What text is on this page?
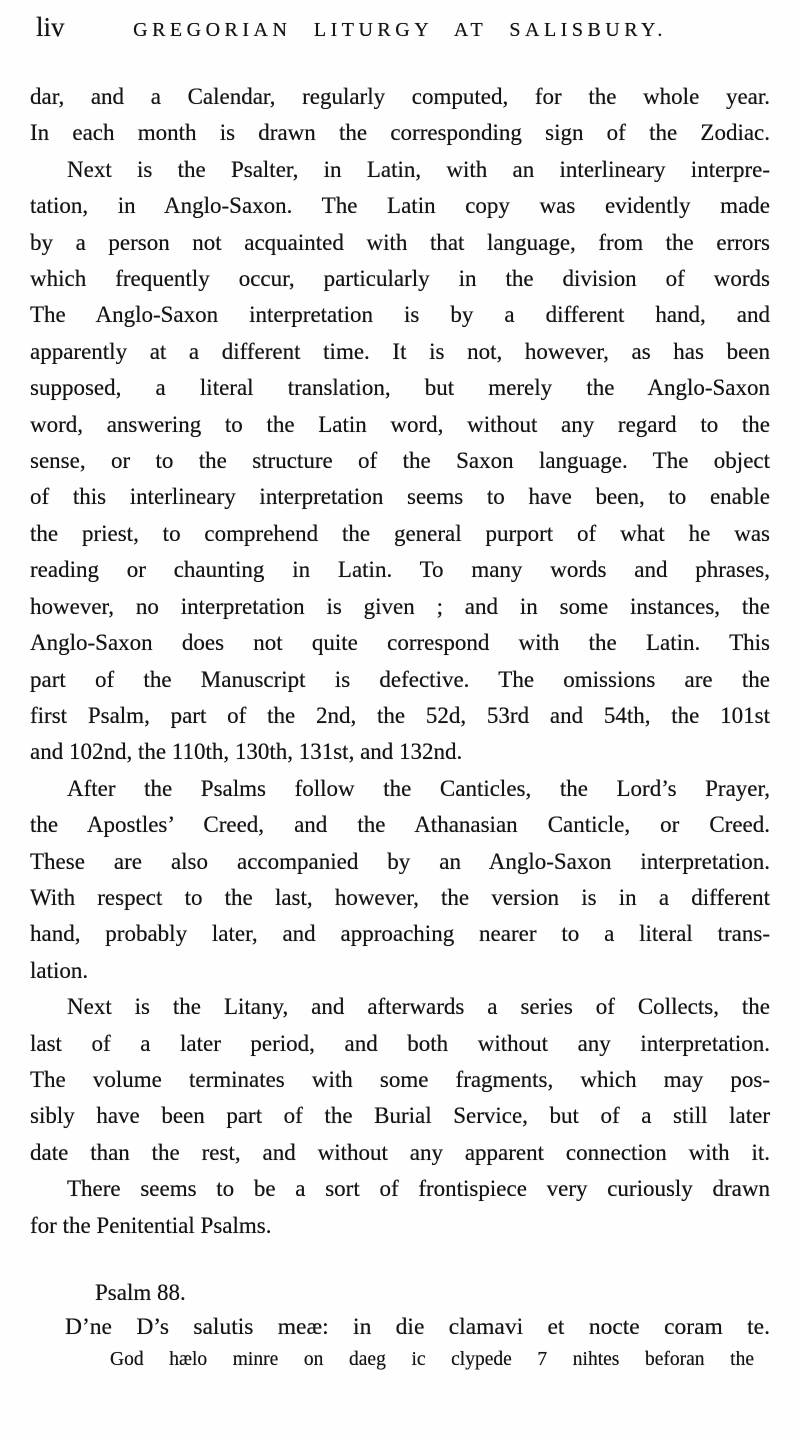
liv	GREGORIAN LITURGY AT SALISBURY.
dar, and a Calendar, regularly computed, for the whole year.
In each month is drawn the corresponding sign of the Zodiac.
Next is the Psalter, in Latin, with an interlineary interpre-
tation, in Anglo-Saxon. The Latin copy was evidently made
by a person not acquainted with that language, from the errors
which frequently occur, particularly in the division of words
The Anglo-Saxon interpretation is by a different hand, and
apparently at a different time. It is not, however, as has been
supposed, a literal translation, but merely the Anglo-Saxon
word, answering to the Latin word, without any regard to the
sense, or to the structure of the Saxon language. The object
of this interlineary interpretation seems to have been, to enable
the priest, to comprehend the general purport of what he was
reading or chaunting in Latin. To many words and phrases,
however, no interpretation is given ; and in some instances, the
Anglo-Saxon does not quite correspond with the Latin. This
part of the Manuscript is defective. The omissions are the
first Psalm, part of the 2nd, the 52d, 53rd and 54th, the 101st
and 102nd, the 110th, 130th, 131st, and 132nd.
After the Psalms follow the Canticles, the Lord’s Prayer,
the Apostles’ Creed, and the Athanasian Canticle, or Creed.
These are also accompanied by an Anglo-Saxon interpretation.
With respect to the last, however, the version is in a different
hand, probably later, and approaching nearer to a literal trans-
lation.
Next is the Litany, and afterwards a series of Collects, the
last of a later period, and both without any interpretation.
The volume terminates with some fragments, which may pos-
sibly have been part of the Burial Service, but of a still later
date than the rest, and without any apparent connection with it.
There seems to be a sort of frontispiece very curiously drawn
for the Penitential Psalms.
Psalm 88.
D’ne D’s salutis meæ: in die clamavi et nocte coram te.
God hælo minre on daeg ic clypede 7 nihtes beforan the
